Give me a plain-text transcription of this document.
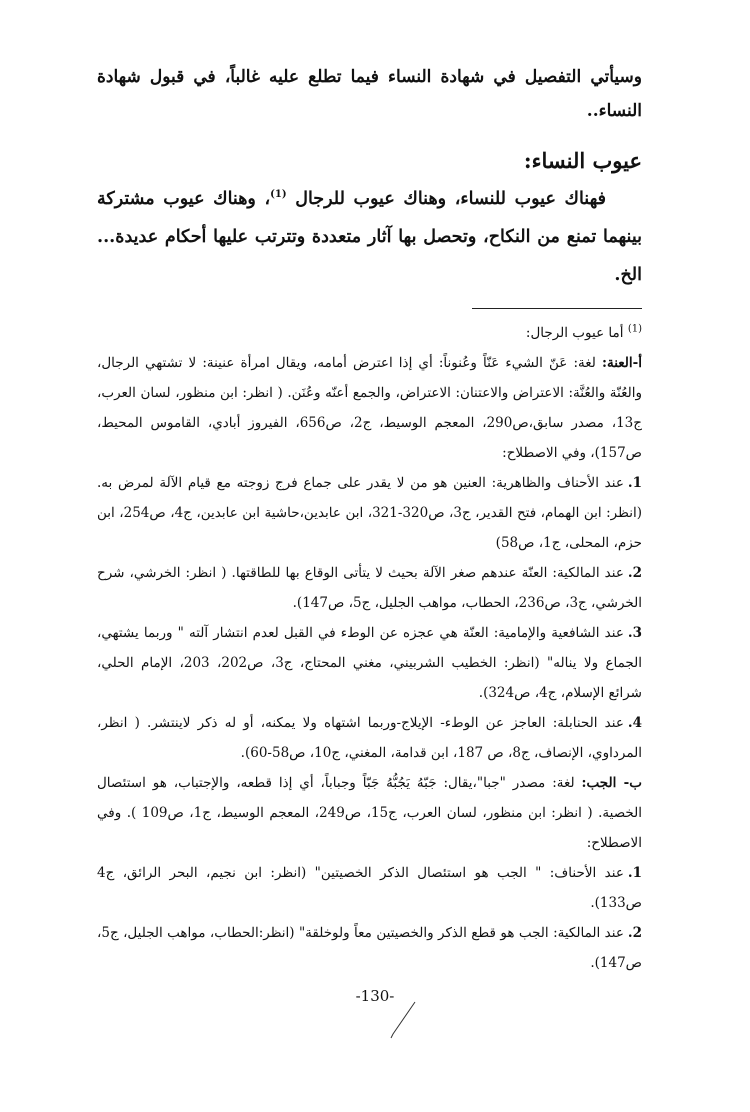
وسيأتي التفصيل في شهادة النساء فيما تطلع عليه غالباً، في قبول شهادة النساء..
عيوب النساء:
فهناك عيوب للنساء، وهناك عيوب للرجال $^{(1)}$، وهناك عيوب مشتركة بينهما تمنع من النكاح، وتحصل بها آثار متعددة وتترتب عليها أحكام عديدة... الخ.

$^{(1)}$ أما عيوب الرجال:

أ-العنة: لغة: عَنّ الشيء عَنّاً وعُنوناً: أي إذا اعترض أمامه، ويقال امرأة عنينة: لا تشتهي الرجال، والعُنّة والعُنَّة: الاعتراض والاعتنان: الاعتراض، والجمع أعنّه وعُنَن. ( انظر: ابن منظور، لسان العرب، ج13، مصدر سابق،ص290، المعجم الوسيط، ج2، ص656، الفيروز أبادي، القاموس المحيط، ص157)، وفي الاصطلاح:

1.عند الأحناف والظاهرية: العنين هو من لا يقدر على جماع فرج زوجته مع قيام الآلة لمرض به. (انظر: ابن الهمام، فتح القدير، ج3، ص320-321، ابن عابدين،حاشية ابن عابدين، ج4، ص254، ابن حزم، المحلى، ج1، ص58)

2.عند المالكية: العنّة عندهم صغر الآلة بحيث لا يتأتى الوقاع بها للطاقتها. ( انظر: الخرشي، شرح الخرشي، ج3، ص236، الحطاب، مواهب الجليل، ج5، ص147).

3.عند الشافعية والإمامية: العنّة هي عجزه عن الوطء في القبل لعدم انتشار آلته " وربما يشتهي، الجماع ولا يناله" (انظر: الخطيب الشربيني، مغني المحتاج، ج3، ص202، 203، الإمام الحلي، شرائع الإسلام، ج4، ص324).

4.عند الحنابلة: العاجز عن الوطء- الإيلاج-وربما اشتهاه ولا يمكنه، أو له ذكر لاينتشر. ( انظر، المرداوي، الإنصاف، ج8، ص 187، ابن قدامة، المغني، ج10، ص58-60).

ب- الجب: لغة: مصدر "جبا"،يقال: جَبّهُ يَجُبُّهُ جَبّاً وجباباً، أي إذا قطعه، والإجتباب، هو استئصال الخصية. ( انظر: ابن منظور، لسان العرب، ج15، ص249، المعجم الوسيط، ج1، ص109 ). وفي الاصطلاح:

1.عند الأحناف: " الجب هو استئصال الذكر الخصيتين" (انظر: ابن نجيم، البحر الرائق، ج4 ص133).

2.عند المالكية: الجب هو قطع الذكر والخصيتين معاً ولوخلقة" (انظر:الحطاب، مواهب الجليل، ج5، ص147).

-130-
